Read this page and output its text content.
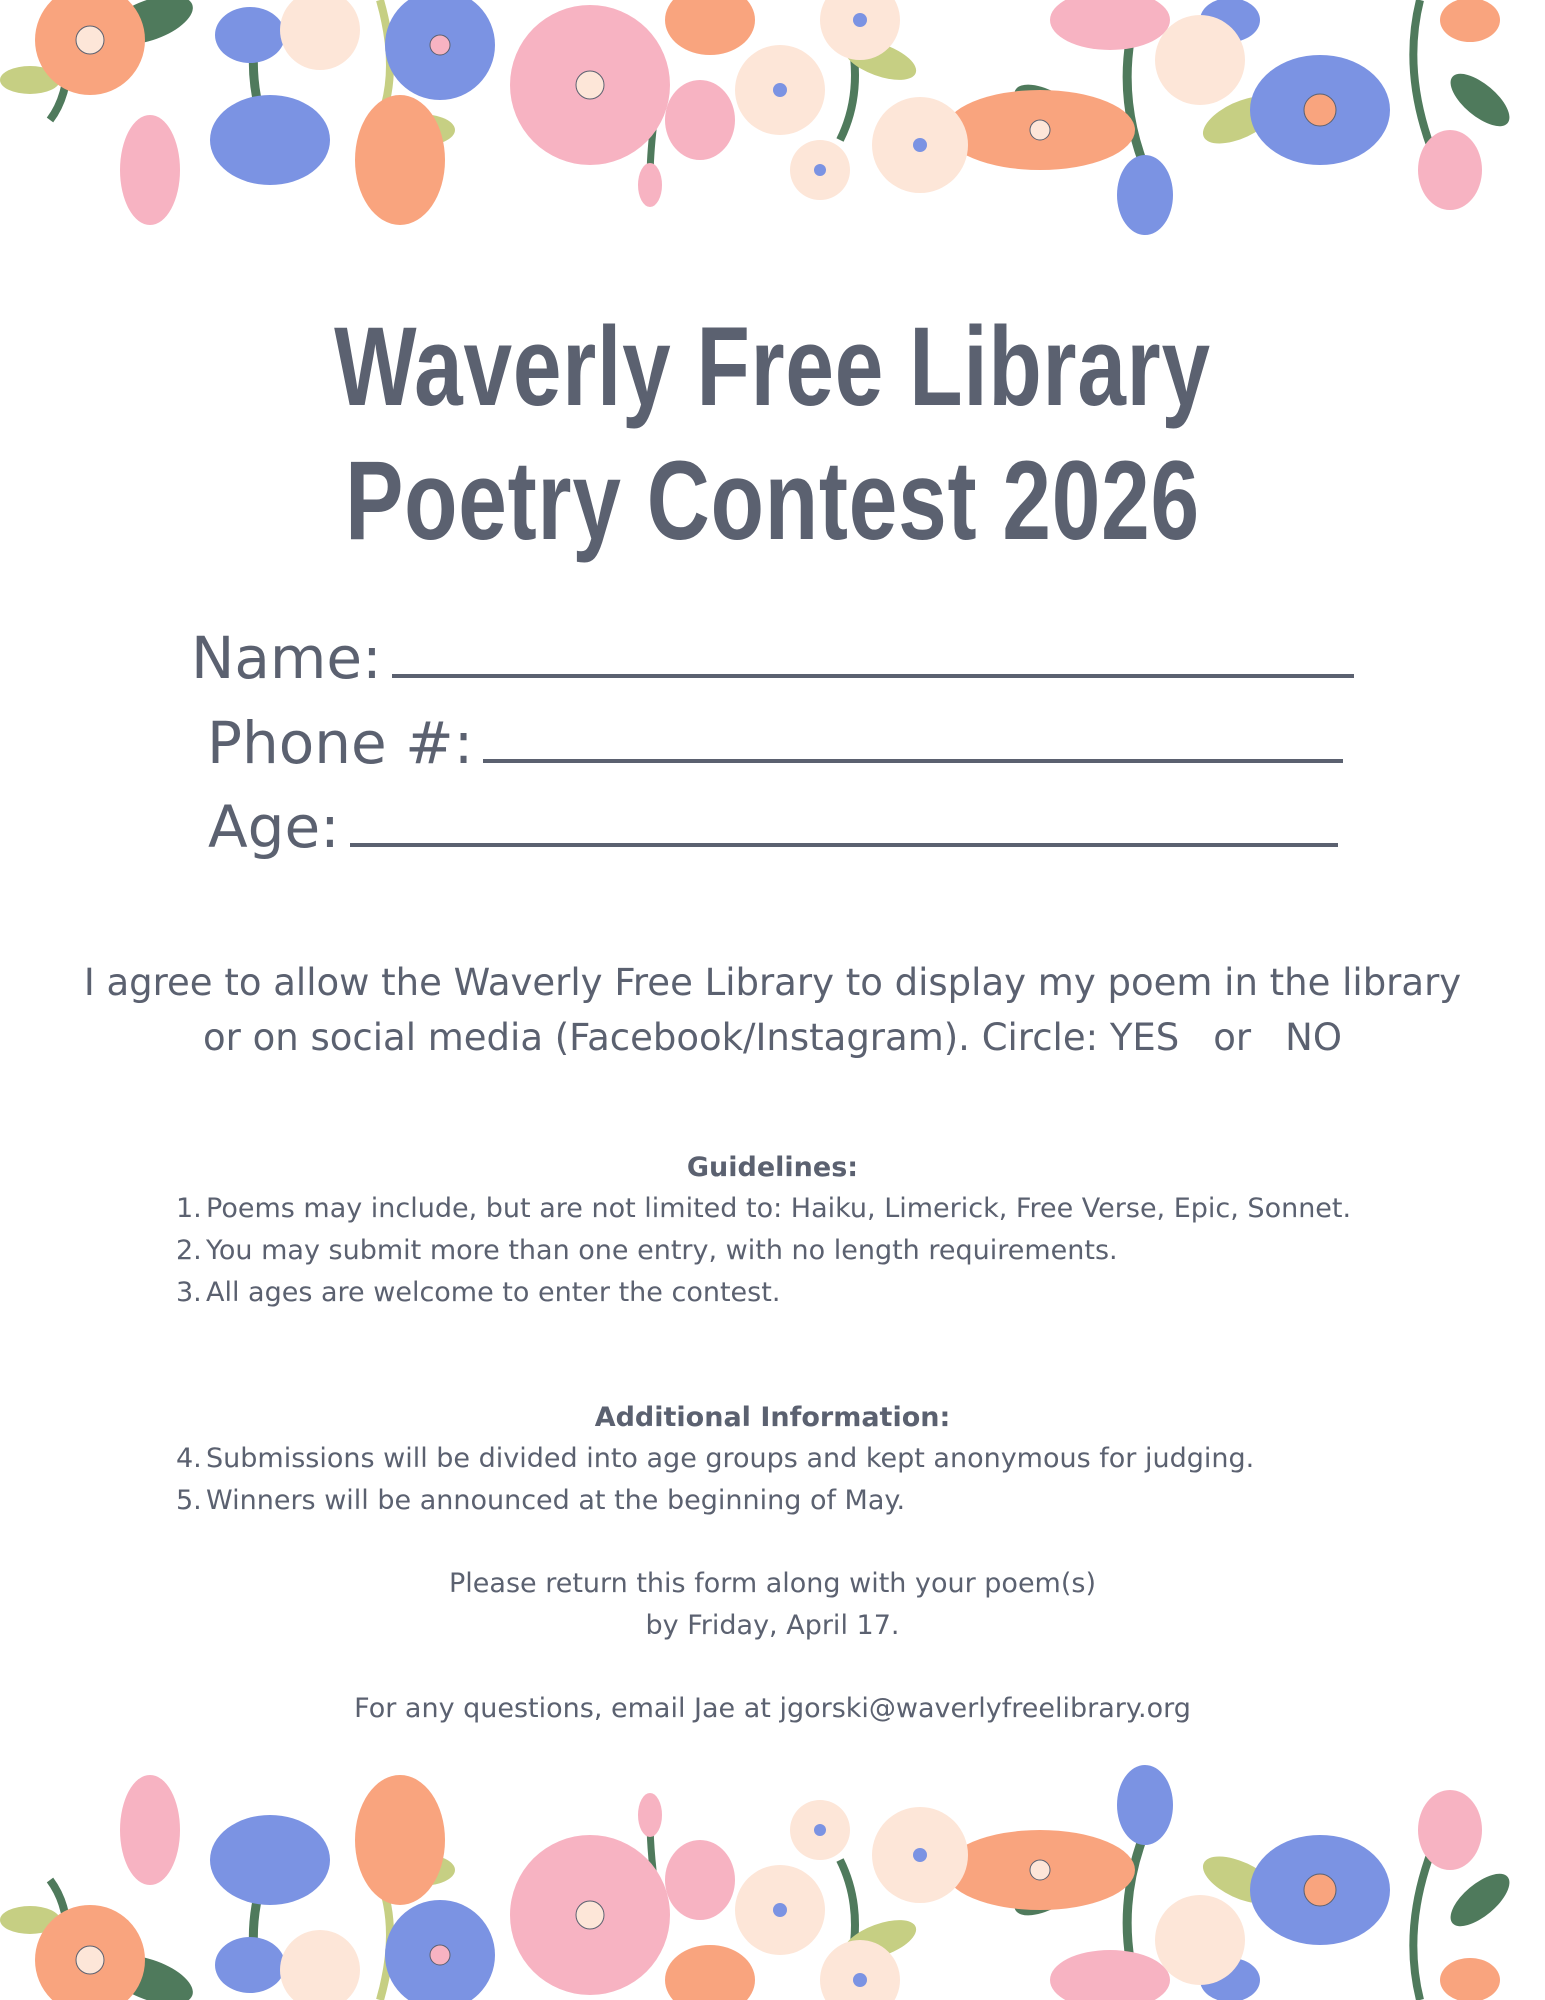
Waverly Free Library
Poetry Contest 2026
Name:
Phone #:
Age:
I agree to allow the Waverly Free Library to display my poem in the library
or on social media (Facebook/Instagram). Circle: YES or NO
Guidelines:
1. Poems may include, but are not limited to: Haiku, Limerick, Free Verse, Epic, Sonnet.
2. You may submit more than one entry, with no length requirements.
3. All ages are welcome to enter the contest.
Additional Information:
4. Submissions will be divided into age groups and kept anonymous for judging.
5. Winners will be announced at the beginning of May.
Please return this form along with your poem(s)
by Friday, April 17.
For any questions, email Jae at jgorski@waverlyfreelibrary.org
